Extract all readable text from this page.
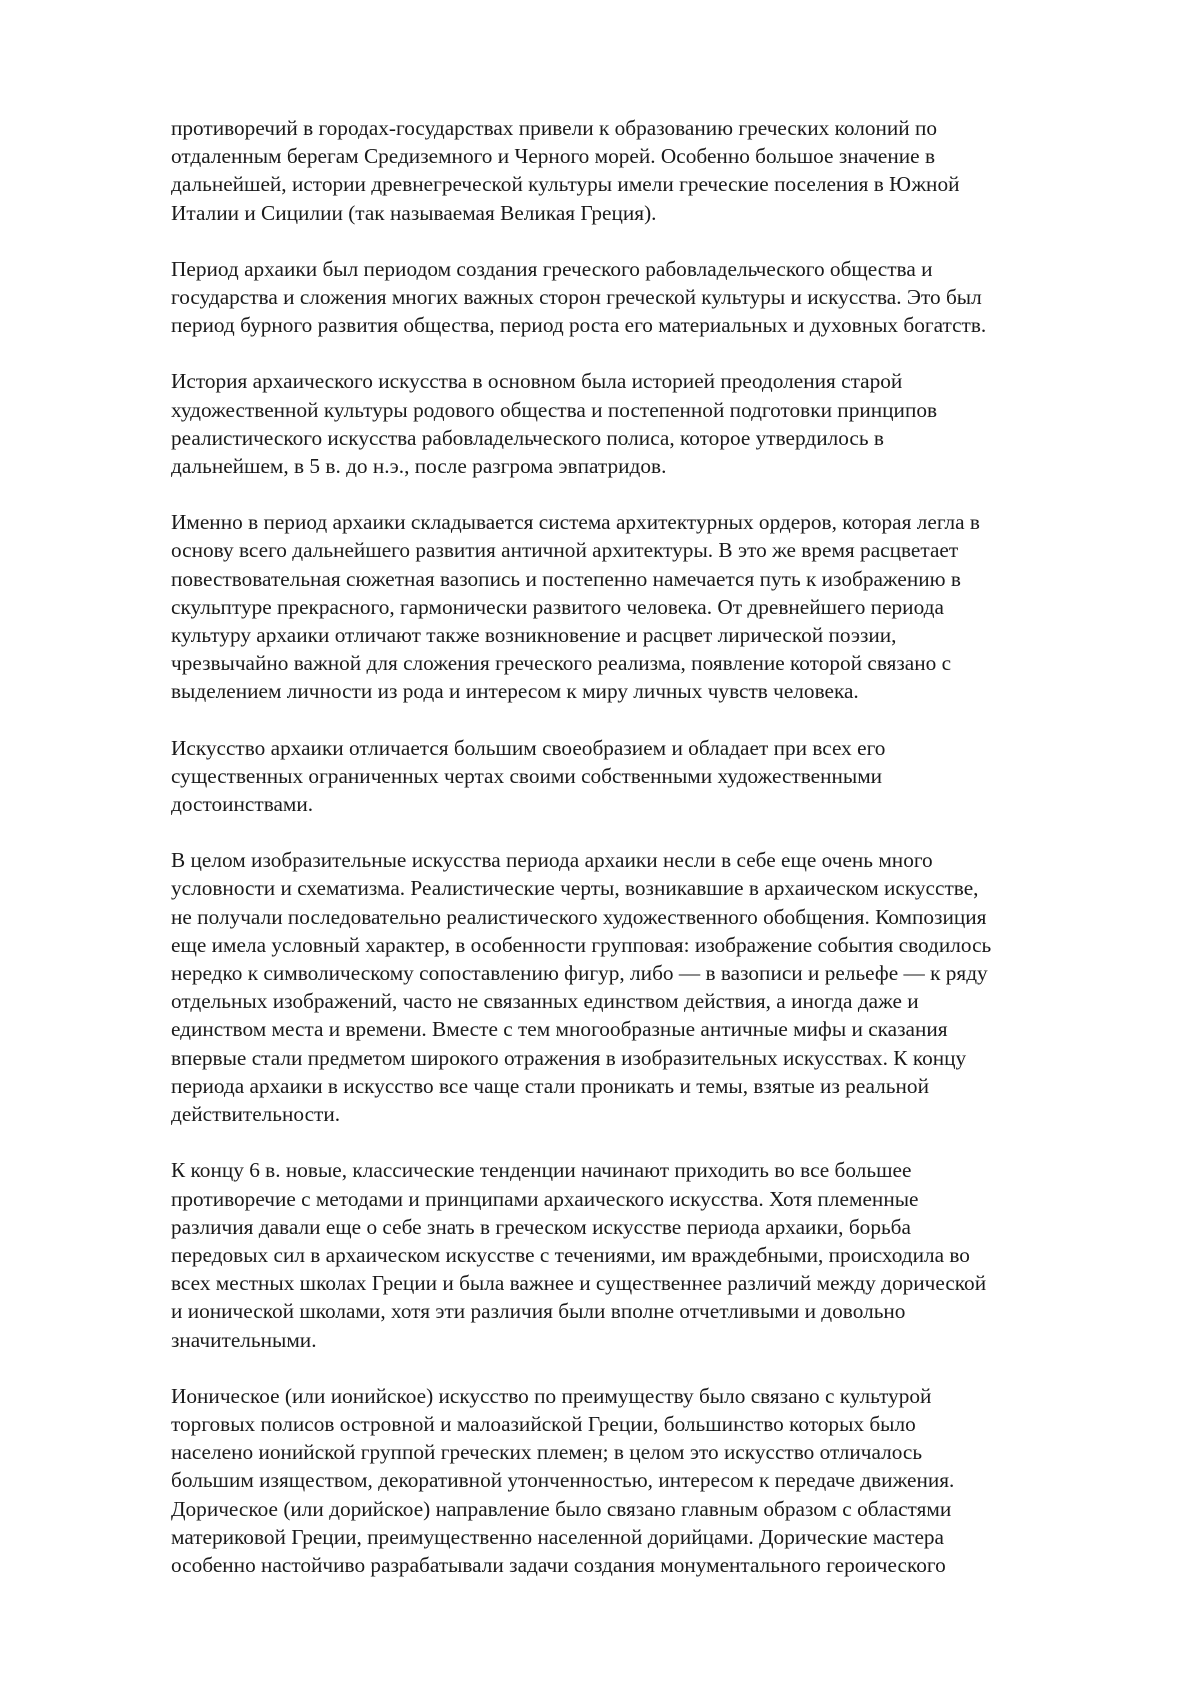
противоречий в городах-государствах привели к образованию греческих колоний по
отдаленным берегам Средиземного и Черного морей. Особенно большое значение в
дальнейшей, истории древнегреческой культуры имели греческие поселения в Южной
Италии и Сицилии (так называемая Великая Греция).

Период архаики был периодом создания греческого рабовладельческого общества и
государства и сложения многих важных сторон греческой культуры и искусства. Это был
период бурного развития общества, период роста его материальных и духовных богатств.

История архаического искусства в основном была историей преодоления старой
художественной культуры родового общества и постепенной подготовки принципов
реалистического искусства рабовладельческого полиса, которое утвердилось в
дальнейшем, в 5 в. до н.э., после разгрома эвпатридов.

Именно в период архаики складывается система архитектурных ордеров, которая легла в
основу всего дальнейшего развития античной архитектуры. В это же время расцветает
повествовательная сюжетная вазопись и постепенно намечается путь к изображению в
скульптуре прекрасного, гармонически развитого человека. От древнейшего периода
культуру архаики отличают также возникновение и расцвет лирической поэзии,
чрезвычайно важной для сложения греческого реализма, появление которой связано с
выделением личности из рода и интересом к миру личных чувств человека.

Искусство архаики отличается большим своеобразием и обладает при всех его
существенных ограниченных чертах своими собственными художественными
достоинствами.

В целом изобразительные искусства периода архаики несли в себе еще очень много
условности и схематизма. Реалистические черты, возникавшие в архаическом искусстве,
не получали последовательно реалистического художественного обобщения. Композиция
еще имела условный характер, в особенности групповая: изображение события сводилось
нередко к символическому сопоставлению фигур, либо — в вазописи и рельефе — к ряду
отдельных изображений, часто не связанных единством действия, а иногда даже и
единством места и времени. Вместе с тем многообразные античные мифы и сказания
впервые стали предметом широкого отражения в изобразительных искусствах. К концу
периода архаики в искусство все чаще стали проникать и темы, взятые из реальной
действительности.

К концу 6 в. новые, классические тенденции начинают приходить во все большее
противоречие с методами и принципами архаического искусства. Хотя племенные
различия давали еще о себе знать в греческом искусстве периода архаики, борьба
передовых сил в архаическом искусстве с течениями, им враждебными, происходила во
всех местных школах Греции и была важнее и существеннее различий между дорической
и ионической школами, хотя эти различия были вполне отчетливыми и довольно
значительными.

Ионическое (или ионийское) искусство по преимуществу было связано с культурой
торговых полисов островной и малоазийской Греции, большинство которых было
населено ионийской группой греческих племен; в целом это искусство отличалось
большим изяществом, декоративной утонченностью, интересом к передаче движения.
Дорическое (или дорийское) направление было связано главным образом с областями
материковой Греции, преимущественно населенной дорийцами. Дорические мастера
особенно настойчиво разрабатывали задачи создания монументального героического
